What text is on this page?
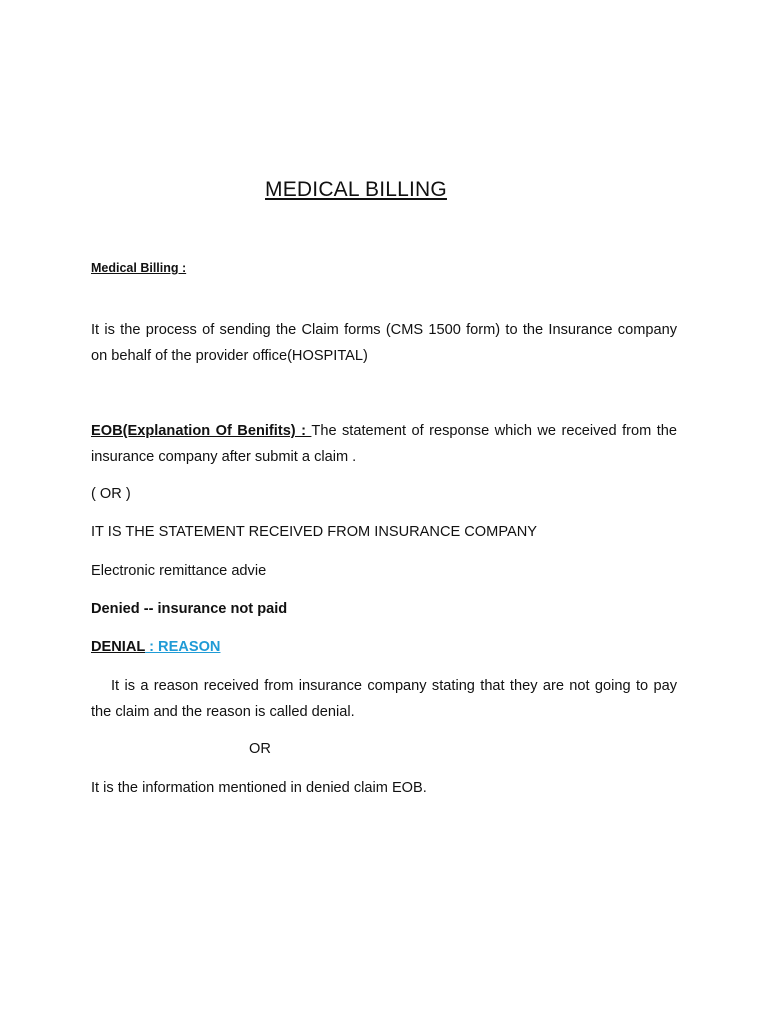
MEDICAL BILLING
Medical Billing :
It is the process of sending the Claim forms (CMS 1500 form) to the Insurance company on behalf of the provider office(HOSPITAL)
EOB(Explanation Of Benifits) : The statement of response which we received from the insurance company after submit a claim .
( OR )
IT IS THE STATEMENT RECEIVED FROM INSURANCE COMPANY
Electronic remittance advie
Denied -- insurance not paid
DENIAL : REASON
It is a reason received from insurance company stating that they are not going to pay the claim and the reason is called denial.
OR
It is the information mentioned in denied claim EOB.
